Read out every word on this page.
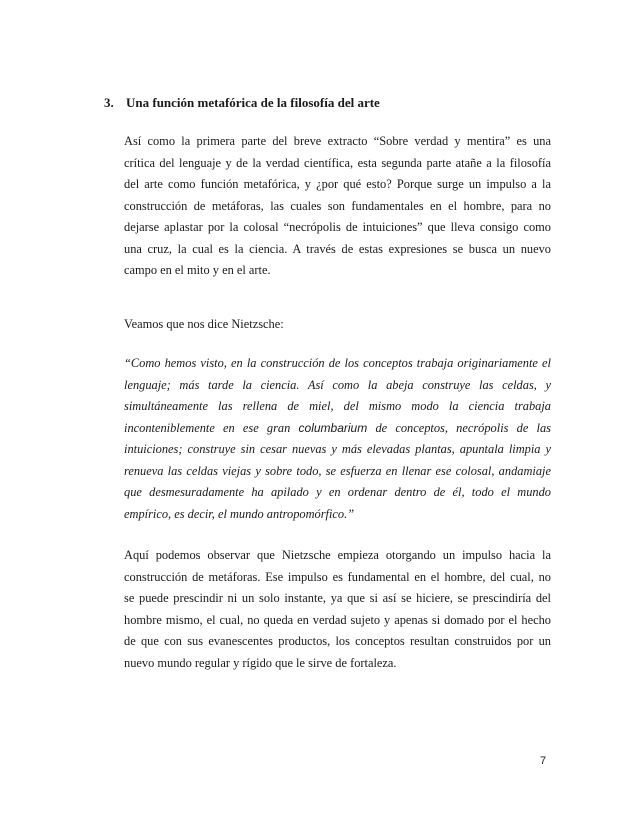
3. Una función metafórica de la filosofía del arte
Así como la primera parte del breve extracto “Sobre verdad y mentira” es una
crítica del lenguaje y de la verdad científica, esta segunda parte atañe a la filosofía
del arte como función metafórica, y ¿por qué esto? Porque surge un impulso a la
construcción de metáforas, las cuales son fundamentales en el hombre, para no
dejarse aplastar por la colosal “necrópolis de intuiciones” que lleva consigo como
una cruz, la cual es la ciencia. A través de estas expresiones se busca un nuevo
campo en el mito y en el arte.
Veamos que nos dice Nietzsche:
“Como hemos visto, en la construcción de los conceptos trabaja originariamente el
lenguaje; más tarde la ciencia. Así como la abeja construye las celdas, y
simultáneamente las rellena de miel, del mismo modo la ciencia trabaja
inconteniblemente en ese gran columbarium de conceptos, necrópolis de las
intuiciones; construye sin cesar nuevas y más elevadas plantas, apuntala limpia y
renueva las celdas viejas y sobre todo, se esfuerza en llenar ese colosal, andamiaje
que desmesuradamente ha apilado y en ordenar dentro de él, todo el mundo
empírico, es decir, el mundo antropomórfico.”
Aquí podemos observar que Nietzsche empieza otorgando un impulso hacia la
construcción de metáforas. Ese impulso es fundamental en el hombre, del cual, no
se puede prescindir ni un solo instante, ya que si así se hiciere, se prescindiría del
hombre mismo, el cual, no queda en verdad sujeto y apenas si domado por el hecho
de que con sus evanescentes productos, los conceptos resultan construidos por un
nuevo mundo regular y rígido que le sirve de fortaleza.
7
